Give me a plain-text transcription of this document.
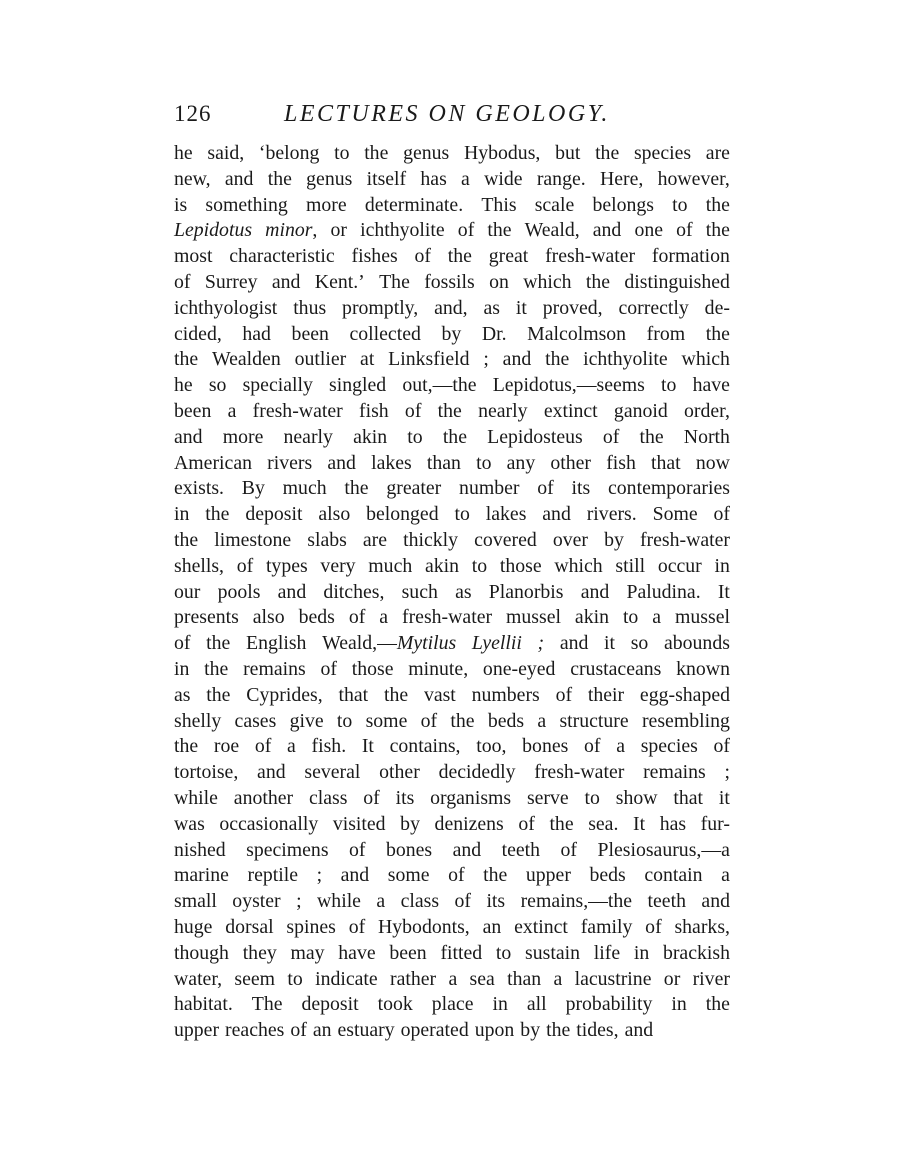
126	LECTURES ON GEOLOGY.
he said, ‘belong to the genus Hybodus, but the species are
new, and the genus itself has a wide range. Here, however,
is something more determinate. This scale belongs to the
Lepidotus minor, or ichthyolite of the Weald, and one of the
most characteristic fishes of the great fresh-water formation
of Surrey and Kent.’ The fossils on which the distinguished
ichthyologist thus promptly, and, as it proved, correctly de-
cided, had been collected by Dr. Malcolmson from the
the Wealden outlier at Linksfield ; and the ichthyolite which
he so specially singled out,—the Lepidotus,—seems to have
been a fresh-water fish of the nearly extinct ganoid order,
and more nearly akin to the Lepidosteus of the North
American rivers and lakes than to any other fish that now
exists. By much the greater number of its contemporaries
in the deposit also belonged to lakes and rivers. Some of
the limestone slabs are thickly covered over by fresh-water
shells, of types very much akin to those which still occur in
our pools and ditches, such as Planorbis and Paludina. It
presents also beds of a fresh-water mussel akin to a mussel
of the English Weald,—Mytilus Lyellii ; and it so abounds
in the remains of those minute, one-eyed crustaceans known
as the Cyprides, that the vast numbers of their egg-shaped
shelly cases give to some of the beds a structure resembling
the roe of a fish. It contains, too, bones of a species of
tortoise, and several other decidedly fresh-water remains ;
while another class of its organisms serve to show that it
was occasionally visited by denizens of the sea. It has fur-
nished specimens of bones and teeth of Plesiosaurus,—a
marine reptile ; and some of the upper beds contain a
small oyster ; while a class of its remains,—the teeth and
huge dorsal spines of Hybodonts, an extinct family of sharks,
though they may have been fitted to sustain life in brackish
water, seem to indicate rather a sea than a lacustrine or river
habitat. The deposit took place in all probability in the
upper reaches of an estuary operated upon by the tides, and
